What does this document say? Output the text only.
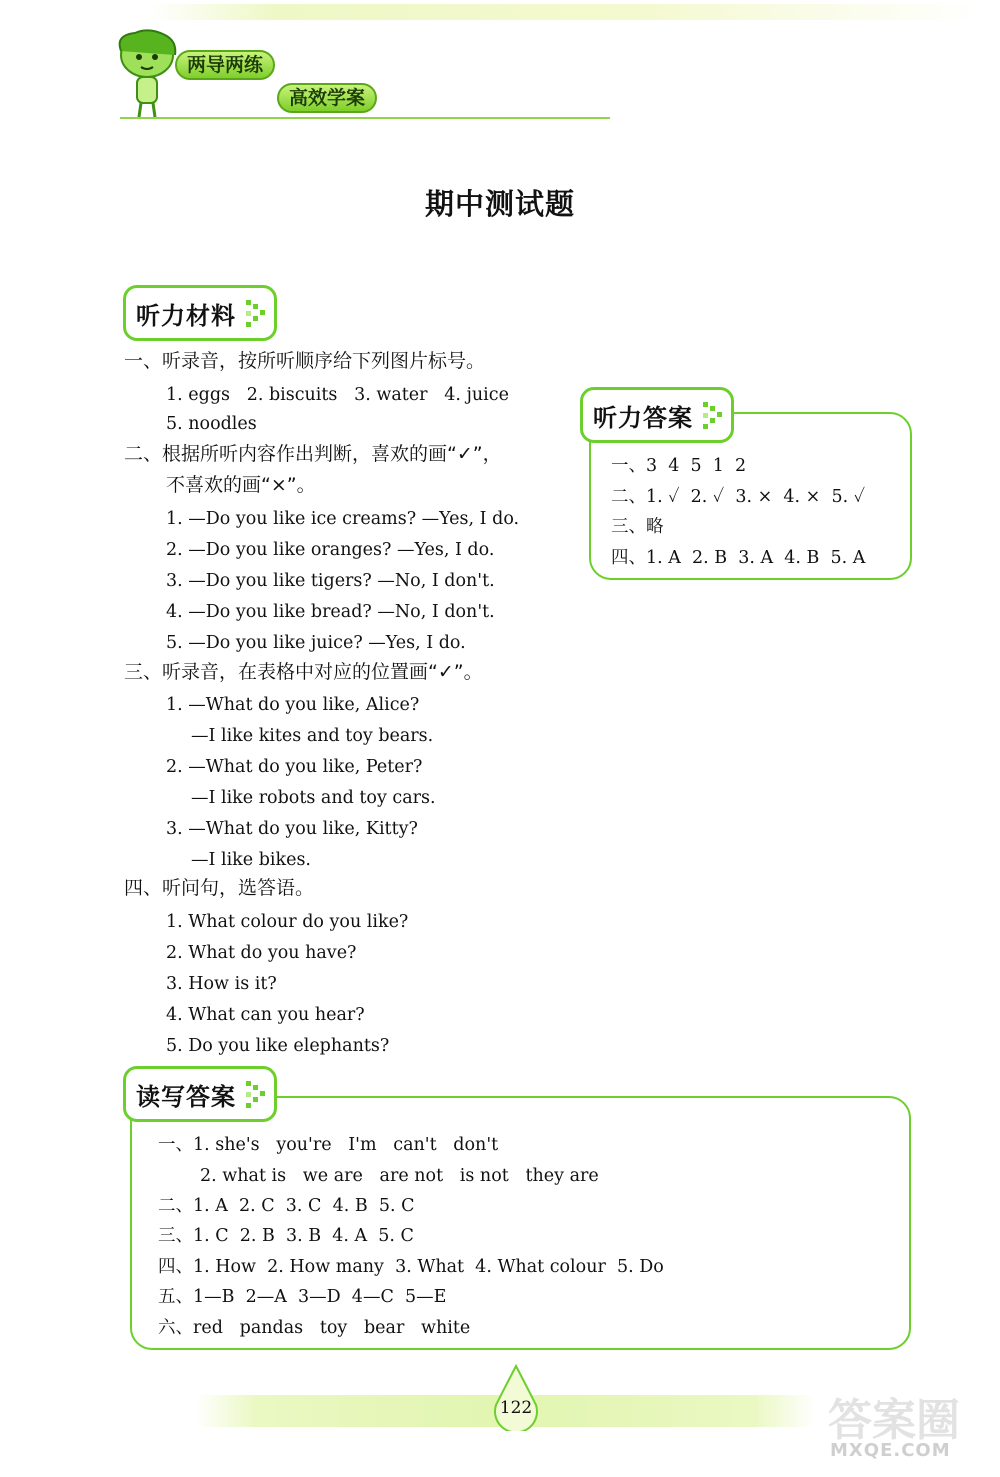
两导两练
高效学案
期中测试题
听力材料
一、听录音，按所听顺序给下列图片标号。
1. eggs   2. biscuits   3. water   4. juice
5. noodles
二、根据所听内容作出判断，喜欢的画“✓”，
不喜欢的画“×”。
1. —Do you like ice creams? —Yes, I do.
2. —Do you like oranges? —Yes, I do.
3. —Do you like tigers? —No, I don't.
4. —Do you like bread? —No, I don't.
5. —Do you like juice? —Yes, I do.
三、听录音，在表格中对应的位置画“✓”。
1. —What do you like, Alice?
—I like kites and toy bears.
2. —What do you like, Peter?
—I like robots and toy cars.
3. —What do you like, Kitty?
—I like bikes.
四、听问句，选答语。
1. What colour do you like?
2. What do you have?
3. How is it?
4. What can you hear?
5. Do you like elephants?
听力答案
一、3  4  5  1  2
二、1. ✓  2. ✓  3. ×  4. ×  5. ✓
三、略
四、1. A  2. B  3. A  4. B  5. A
读写答案
一、1. she's   you're   I'm   can't   don't
2. what is   we are   are not   is not   they are
二、1. A  2. C  3. C  4. B  5. C
三、1. C  2. B  3. B  4. A  5. C
四、1. How  2. How many  3. What  4. What colour  5. Do
五、1—B  2—A  3—D  4—C  5—E
六、red   pandas   toy   bear   white
122	答案圈
MXQE.COM
